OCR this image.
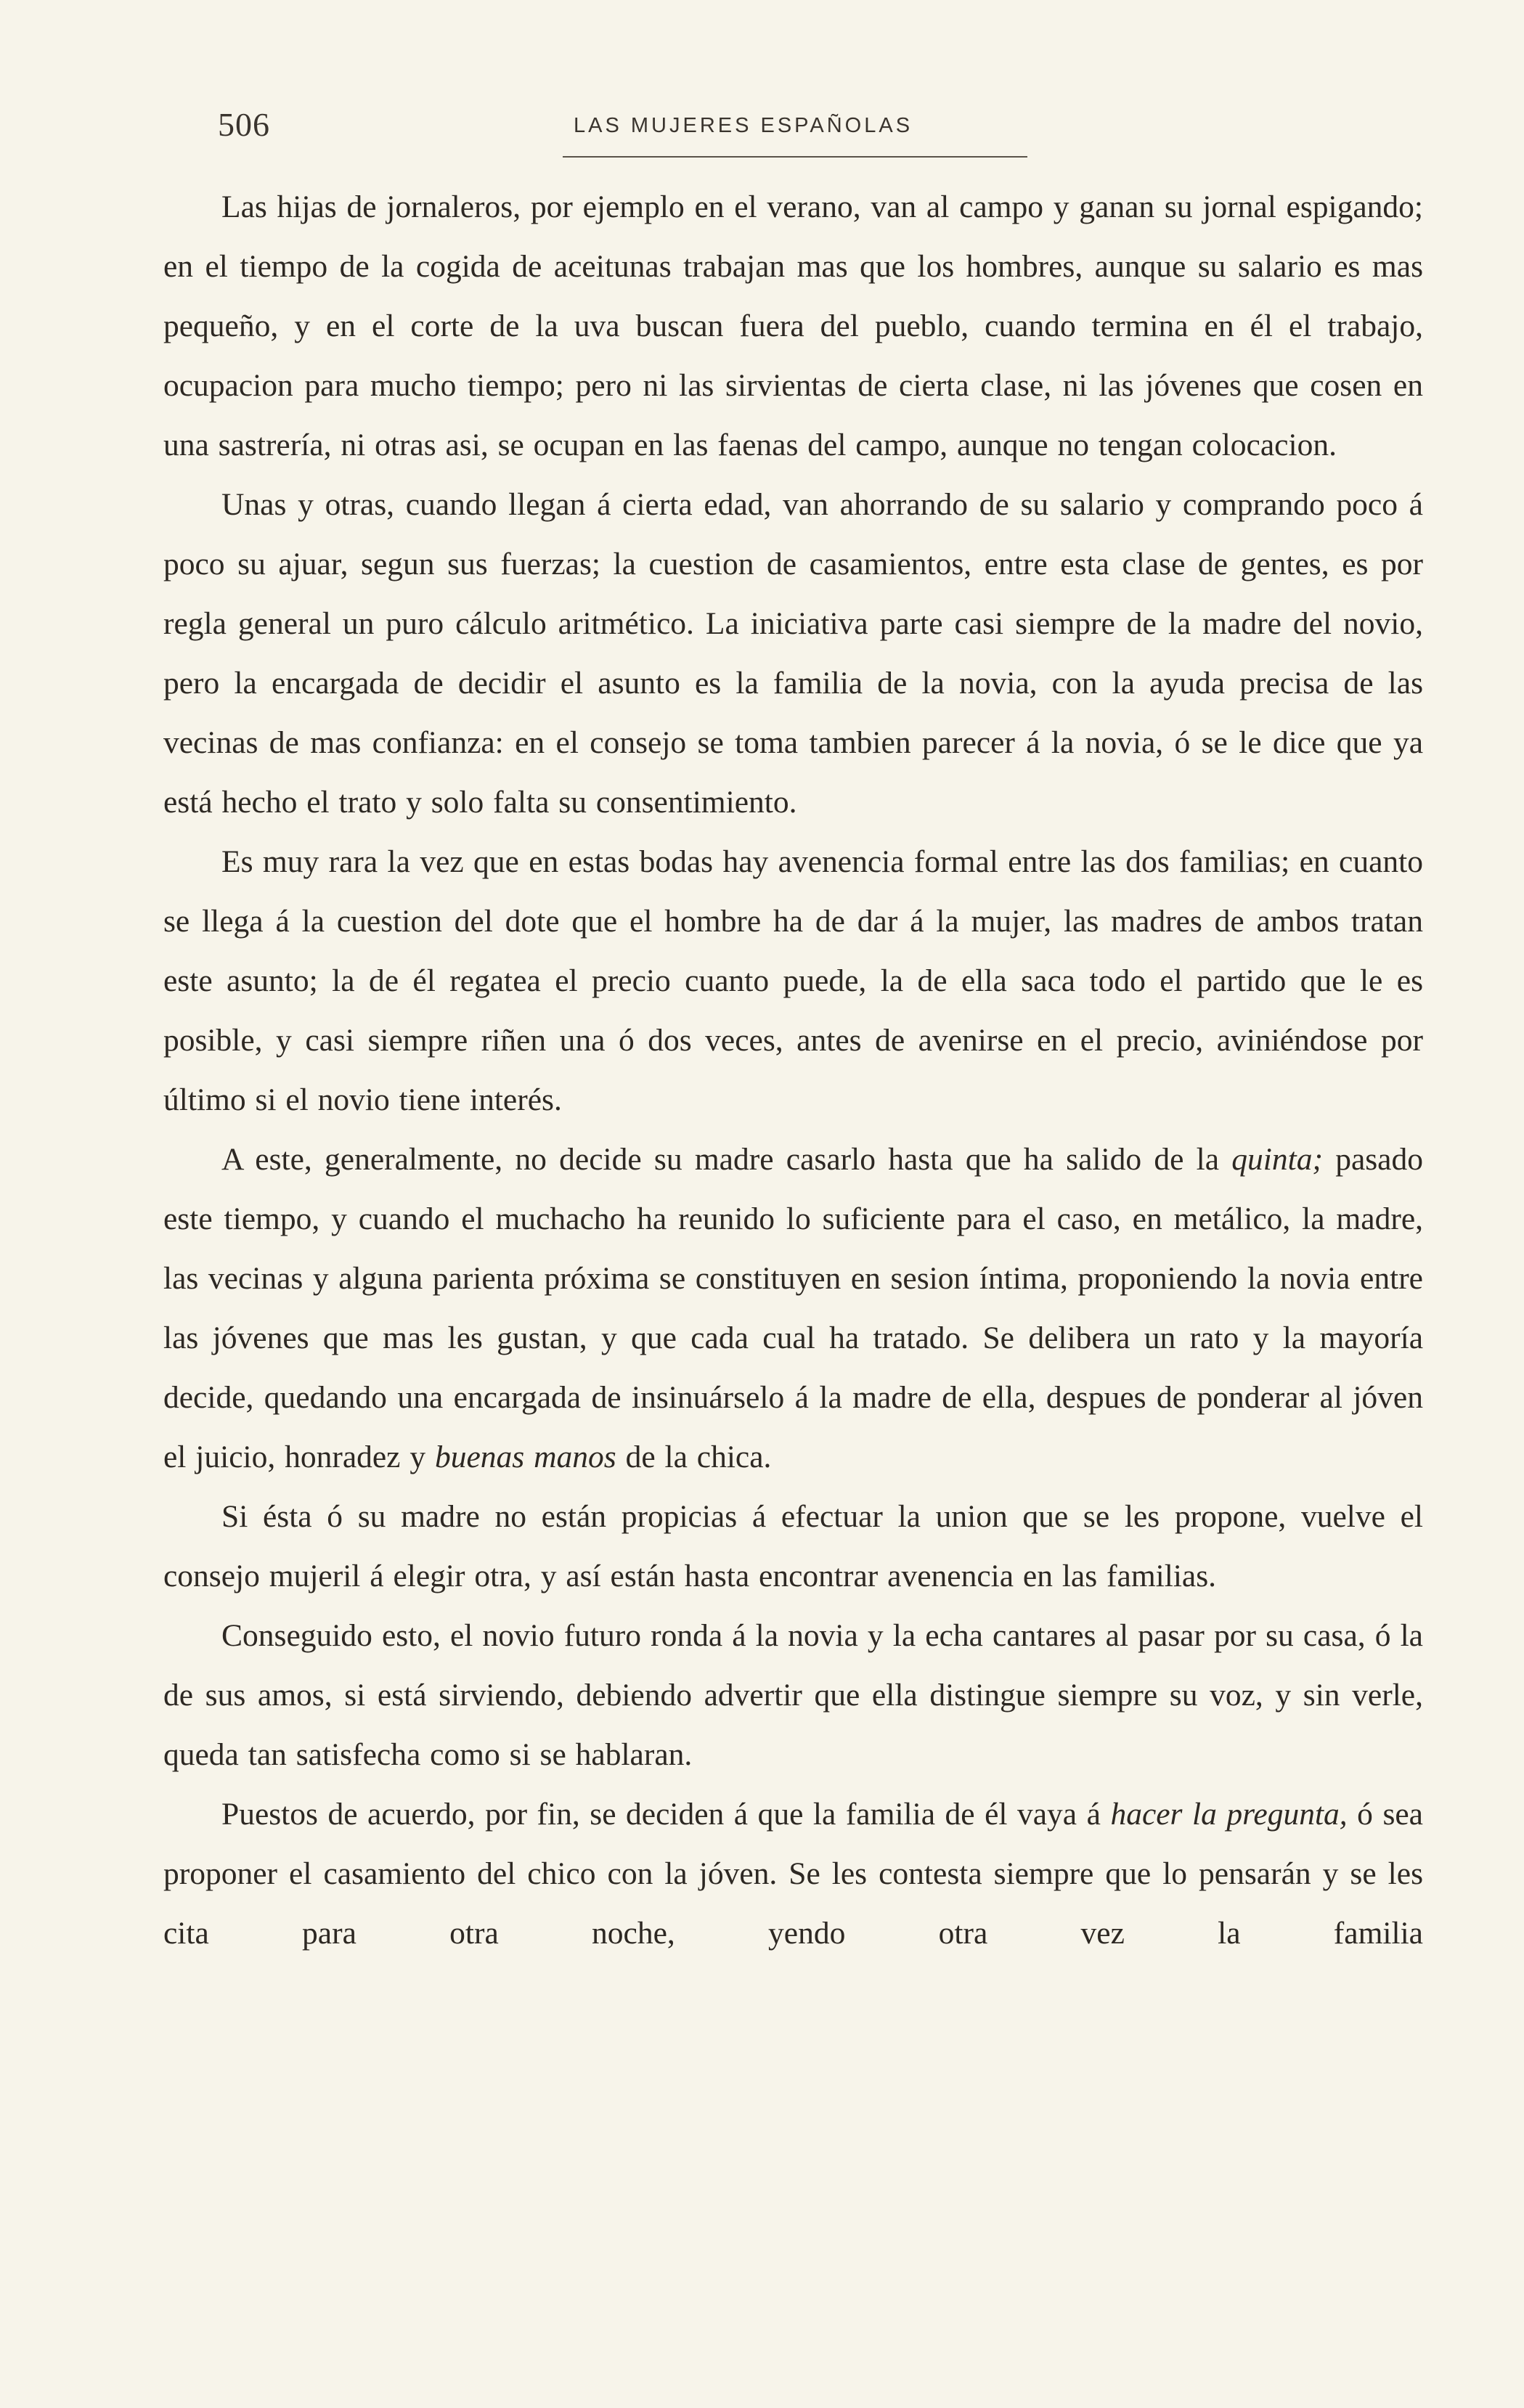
506	LAS MUJERES ESPAÑOLAS

Las hijas de jornaleros, por ejemplo en el verano, van al campo y ganan su jornal espigando; en el tiempo de la cogida de aceitunas trabajan mas que los hombres, aunque su salario es mas pequeño, y en el corte de la uva buscan fuera del pueblo, cuando termina en él el trabajo, ocupacion para mucho tiempo; pero ni las sirvientas de cierta clase, ni las jóvenes que cosen en una sastrería, ni otras asi, se ocupan en las faenas del campo, aunque no tengan colocacion.

Unas y otras, cuando llegan á cierta edad, van ahorrando de su salario y comprando poco á poco su ajuar, segun sus fuerzas; la cuestion de casamientos, entre esta clase de gentes, es por regla general un puro cálculo aritmético. La iniciativa parte casi siempre de la madre del novio, pero la encargada de decidir el asunto es la familia de la novia, con la ayuda precisa de las vecinas de mas confianza: en el consejo se toma tambien parecer á la novia, ó se le dice que ya está hecho el trato y solo falta su consentimiento.

Es muy rara la vez que en estas bodas hay avenencia formal entre las dos familias; en cuanto se llega á la cuestion del dote que el hombre ha de dar á la mujer, las madres de ambos tratan este asunto; la de él regatea el precio cuanto puede, la de ella saca todo el partido que le es posible, y casi siempre riñen una ó dos veces, antes de avenirse en el precio, aviniéndose por último si el novio tiene interés.

A este, generalmente, no decide su madre casarlo hasta que ha salido de la quinta; pasado este tiempo, y cuando el muchacho ha reunido lo suficiente para el caso, en metálico, la madre, las vecinas y alguna parienta próxima se constituyen en sesion íntima, proponiendo la novia entre las jóvenes que mas les gustan, y que cada cual ha tratado. Se delibera un rato y la mayoría decide, quedando una encargada de insinuárselo á la madre de ella, despues de ponderar al jóven el juicio, honradez y buenas manos de la chica.

Si ésta ó su madre no están propicias á efectuar la union que se les propone, vuelve el consejo mujeril á elegir otra, y así están hasta encontrar avenencia en las familias.

Conseguido esto, el novio futuro ronda á la novia y la echa cantares al pasar por su casa, ó la de sus amos, si está sirviendo, debiendo advertir que ella distingue siempre su voz, y sin verle, queda tan satisfecha como si se hablaran.

Puestos de acuerdo, por fin, se deciden á que la familia de él vaya á hacer la pregunta, ó sea proponer el casamiento del chico con la jóven. Se les contesta siempre que lo pensarán y se les cita para otra noche, yendo otra vez la familia
